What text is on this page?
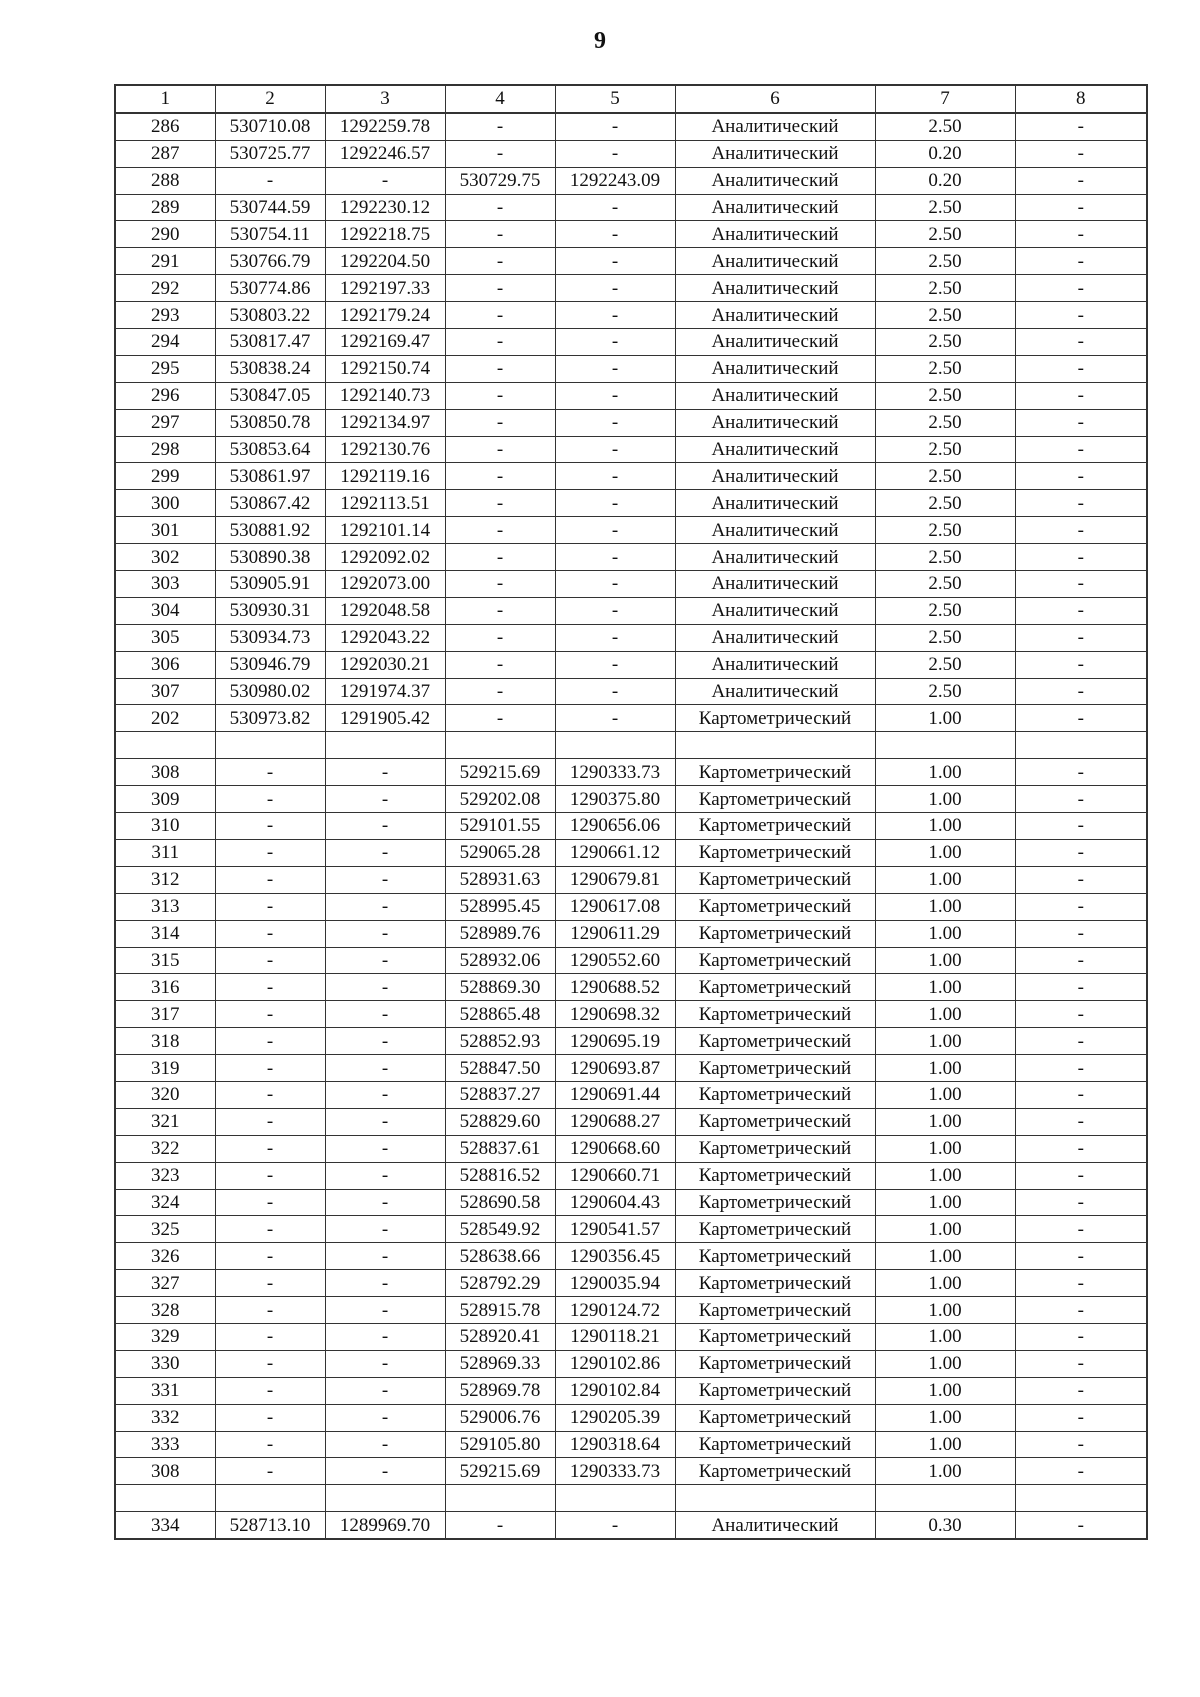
9
1	2	3	4	5	6	7	8
286	530710.08	1292259.78	-	-	Аналитический	2.50	-
287	530725.77	1292246.57	-	-	Аналитический	0.20	-
288	-	-	530729.75	1292243.09	Аналитический	0.20	-
289	530744.59	1292230.12	-	-	Аналитический	2.50	-
290	530754.11	1292218.75	-	-	Аналитический	2.50	-
291	530766.79	1292204.50	-	-	Аналитический	2.50	-
292	530774.86	1292197.33	-	-	Аналитический	2.50	-
293	530803.22	1292179.24	-	-	Аналитический	2.50	-
294	530817.47	1292169.47	-	-	Аналитический	2.50	-
295	530838.24	1292150.74	-	-	Аналитический	2.50	-
296	530847.05	1292140.73	-	-	Аналитический	2.50	-
297	530850.78	1292134.97	-	-	Аналитический	2.50	-
298	530853.64	1292130.76	-	-	Аналитический	2.50	-
299	530861.97	1292119.16	-	-	Аналитический	2.50	-
300	530867.42	1292113.51	-	-	Аналитический	2.50	-
301	530881.92	1292101.14	-	-	Аналитический	2.50	-
302	530890.38	1292092.02	-	-	Аналитический	2.50	-
303	530905.91	1292073.00	-	-	Аналитический	2.50	-
304	530930.31	1292048.58	-	-	Аналитический	2.50	-
305	530934.73	1292043.22	-	-	Аналитический	2.50	-
306	530946.79	1292030.21	-	-	Аналитический	2.50	-
307	530980.02	1291974.37	-	-	Аналитический	2.50	-
202	530973.82	1291905.42	-	-	Картометрический	1.00	-

308	-	-	529215.69	1290333.73	Картометрический	1.00	-
309	-	-	529202.08	1290375.80	Картометрический	1.00	-
310	-	-	529101.55	1290656.06	Картометрический	1.00	-
311	-	-	529065.28	1290661.12	Картометрический	1.00	-
312	-	-	528931.63	1290679.81	Картометрический	1.00	-
313	-	-	528995.45	1290617.08	Картометрический	1.00	-
314	-	-	528989.76	1290611.29	Картометрический	1.00	-
315	-	-	528932.06	1290552.60	Картометрический	1.00	-
316	-	-	528869.30	1290688.52	Картометрический	1.00	-
317	-	-	528865.48	1290698.32	Картометрический	1.00	-
318	-	-	528852.93	1290695.19	Картометрический	1.00	-
319	-	-	528847.50	1290693.87	Картометрический	1.00	-
320	-	-	528837.27	1290691.44	Картометрический	1.00	-
321	-	-	528829.60	1290688.27	Картометрический	1.00	-
322	-	-	528837.61	1290668.60	Картометрический	1.00	-
323	-	-	528816.52	1290660.71	Картометрический	1.00	-
324	-	-	528690.58	1290604.43	Картометрический	1.00	-
325	-	-	528549.92	1290541.57	Картометрический	1.00	-
326	-	-	528638.66	1290356.45	Картометрический	1.00	-
327	-	-	528792.29	1290035.94	Картометрический	1.00	-
328	-	-	528915.78	1290124.72	Картометрический	1.00	-
329	-	-	528920.41	1290118.21	Картометрический	1.00	-
330	-	-	528969.33	1290102.86	Картометрический	1.00	-
331	-	-	528969.78	1290102.84	Картометрический	1.00	-
332	-	-	529006.76	1290205.39	Картометрический	1.00	-
333	-	-	529105.80	1290318.64	Картометрический	1.00	-
308	-	-	529215.69	1290333.73	Картометрический	1.00	-

334	528713.10	1289969.70	-	-	Аналитический	0.30	-
